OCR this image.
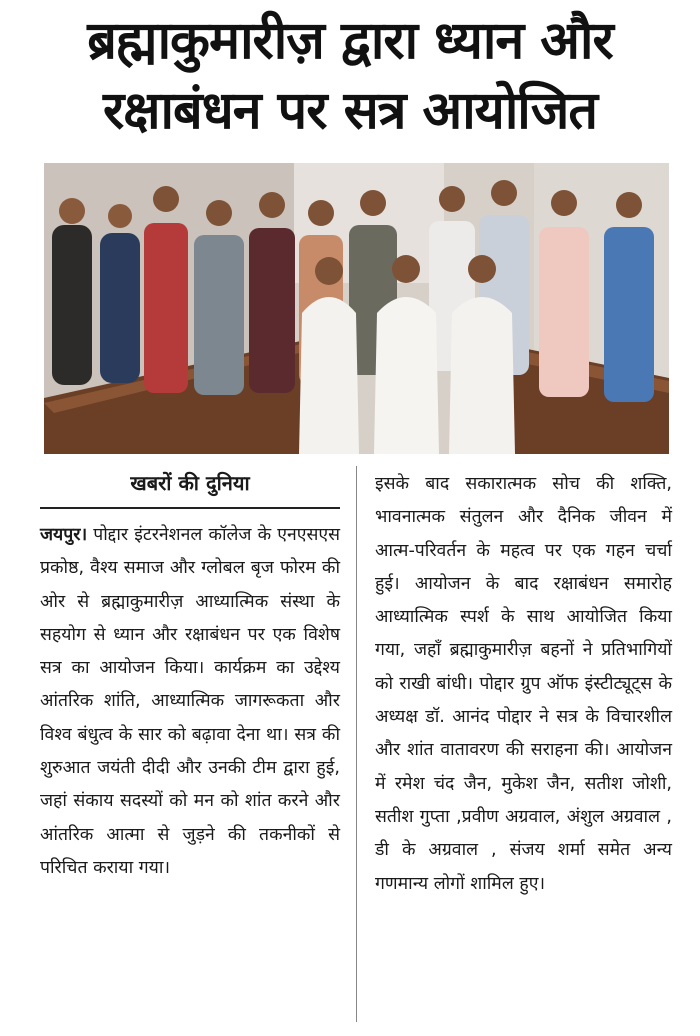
ब्रह्माकुमारीज़ द्वारा ध्यान और
रक्षाबंधन पर सत्र आयोजित
खबरों की दुनिया

जयपुर। पोद्दार इंटरनेशनल कॉलेज के एनएसएस प्रकोष्ठ, वैश्य समाज और ग्लोबल बृज फोरम की ओर से ब्रह्माकुमारीज़ आध्यात्मिक संस्था के सहयोग से ध्यान और रक्षाबंधन पर एक विशेष सत्र का आयोजन किया। कार्यक्रम का उद्देश्य आंतरिक शांति, आध्यात्मिक जागरूकता और विश्व बंधुत्व के सार को बढ़ावा देना था। सत्र की शुरुआत जयंती दीदी और उनकी टीम द्वारा हुई, जहां संकाय सदस्यों को मन को शांत करने और आंतरिक आत्मा से जुड़ने की तकनीकों से परिचित कराया गया।

इसके बाद सकारात्मक सोच की शक्ति, भावनात्मक संतुलन और दैनिक जीवन में आत्म-परिवर्तन के महत्व पर एक गहन चर्चा हुई। आयोजन के बाद रक्षाबंधन समारोह आध्यात्मिक स्पर्श के साथ आयोजित किया गया, जहाँ ब्रह्माकुमारीज़ बहनों ने प्रतिभागियों को राखी बांधी। पोद्दार ग्रुप ऑफ इंस्टीट्यूट्स के अध्यक्ष डॉ. आनंद पोद्दार ने सत्र के विचारशील और शांत वातावरण की सराहना की। आयोजन में रमेश चंद जैन, मुकेश जैन, सतीश जोशी, सतीश गुप्ता ,प्रवीण अग्रवाल, अंशुल अग्रवाल , डी के अग्रवाल , संजय शर्मा समेत अन्य गणमान्य लोगों शामिल हुए।
